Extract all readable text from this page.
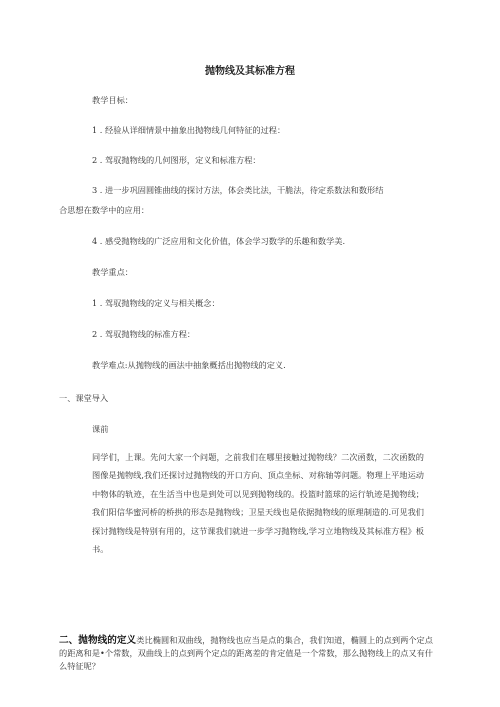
抛物线及其标准方程
教学目标：
1 . 经验从详细情景中抽象出抛物线几何特征的过程：
2 . 驾驭抛物线的几何图形，定义和标准方程：
3 . 进一步巩固圆锥曲线的探讨方法，体会类比法，干脆法，待定系数法和数形结
合思想在数学中的应用：
4 . 感受抛物线的广泛应用和文化价值，体会学习数学的乐趣和数学美.
教学重点：
1 . 驾驭抛物线的定义与相关概念：
2 . 驾驭抛物线的标准方程：
教学难点:从抛物线的画法中抽象概括出抛物线的定义.
一、课堂导入
课前
同学们，上课。先问大家一个问题，之前我们在哪里接触过抛物线？二次函数，二次函数的图像是抛物线,我们还探讨过抛物线的开口方向、顶点坐标、对称轴等问题。物理上平地运动中物体的轨迹，在生活当中也是到处可以见到抛物线的。投篮时篮球的运行轨迹是抛物线；我们阳信华蜜河桥的桥拱的形态是抛物线；卫星天线也是依据抛物线的原理制造的.可见我们探讨抛物线是特别有用的，这节课我们就进一步学习抛物线,学习立地物线及其标准方程》板书。
二、抛物线的定义类比椭圆和双曲线，抛物线也应当是点的集合，我们知道，椭圆上的点到两个定点的距离和是•个常数，双曲线上的点到两个定点的距离差的肯定值是一个常数，那么抛物线上的点又有什么特征呢？
